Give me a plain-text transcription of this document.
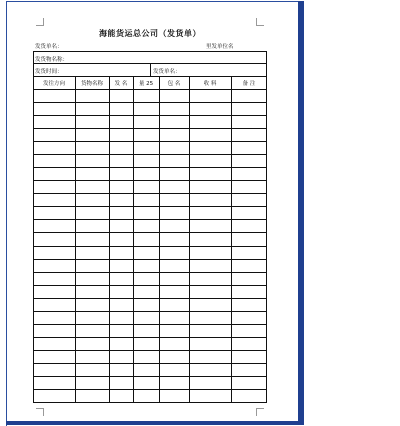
海能货运总公司（发货单）
发货单名：	里发单位名
发货物名称：
发货时间：	发货单名：
发往方向	货物名称	发 名	量 25	包 名	收 料	备 注
